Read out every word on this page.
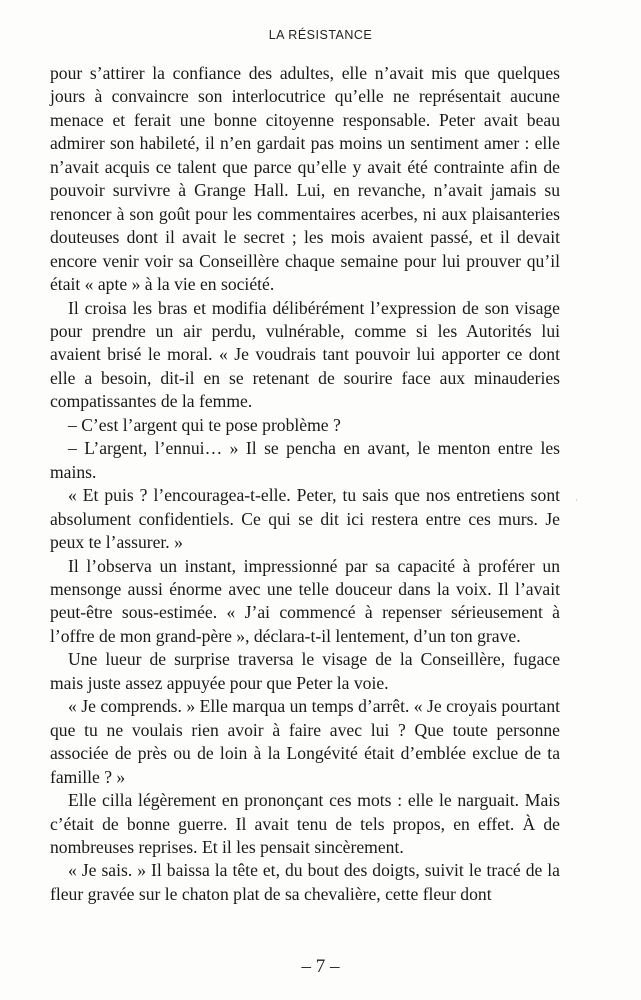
LA RÉSISTANCE

pour s’attirer la confiance des adultes, elle n’avait mis que quelques jours à convaincre son interlocutrice qu’elle ne représentait aucune menace et ferait une bonne citoyenne responsable. Peter avait beau admirer son habileté, il n’en gardait pas moins un sentiment amer : elle n’avait acquis ce talent que parce qu’elle y avait été contrainte afin de pouvoir survivre à Grange Hall. Lui, en revanche, n’avait jamais su renoncer à son goût pour les commentaires acerbes, ni aux plaisanteries douteuses dont il avait le secret ; les mois avaient passé, et il devait encore venir voir sa Conseillère chaque semaine pour lui prouver qu’il était « apte » à la vie en société.

Il croisa les bras et modifia délibérément l’expression de son visage pour prendre un air perdu, vulnérable, comme si les Autorités lui avaient brisé le moral. « Je voudrais tant pouvoir lui apporter ce dont elle a besoin, dit-il en se retenant de sourire face aux minauderies compatissantes de la femme.

– C’est l’argent qui te pose problème ?

– L’argent, l’ennui… » Il se pencha en avant, le menton entre les mains.

« Et puis ? l’encouragea-t-elle. Peter, tu sais que nos entretiens sont absolument confidentiels. Ce qui se dit ici restera entre ces murs. Je peux te l’assurer. »

Il l’observa un instant, impressionné par sa capacité à proférer un mensonge aussi énorme avec une telle douceur dans la voix. Il l’avait peut-être sous-estimée. « J’ai commencé à repenser sérieusement à l’offre de mon grand-père », déclara-t-il lentement, d’un ton grave.

Une lueur de surprise traversa le visage de la Conseillère, fugace mais juste assez appuyée pour que Peter la voie.

« Je comprends. » Elle marqua un temps d’arrêt. « Je croyais pourtant que tu ne voulais rien avoir à faire avec lui ? Que toute personne associée de près ou de loin à la Longévité était d’emblée exclue de ta famille ? »

Elle cilla légèrement en prononçant ces mots : elle le narguait. Mais c’était de bonne guerre. Il avait tenu de tels propos, en effet. À de nombreuses reprises. Et il les pensait sincèrement.

« Je sais. » Il baissa la tête et, du bout des doigts, suivit le tracé de la fleur gravée sur le chaton plat de sa chevalière, cette fleur dont

·
– 7 –
